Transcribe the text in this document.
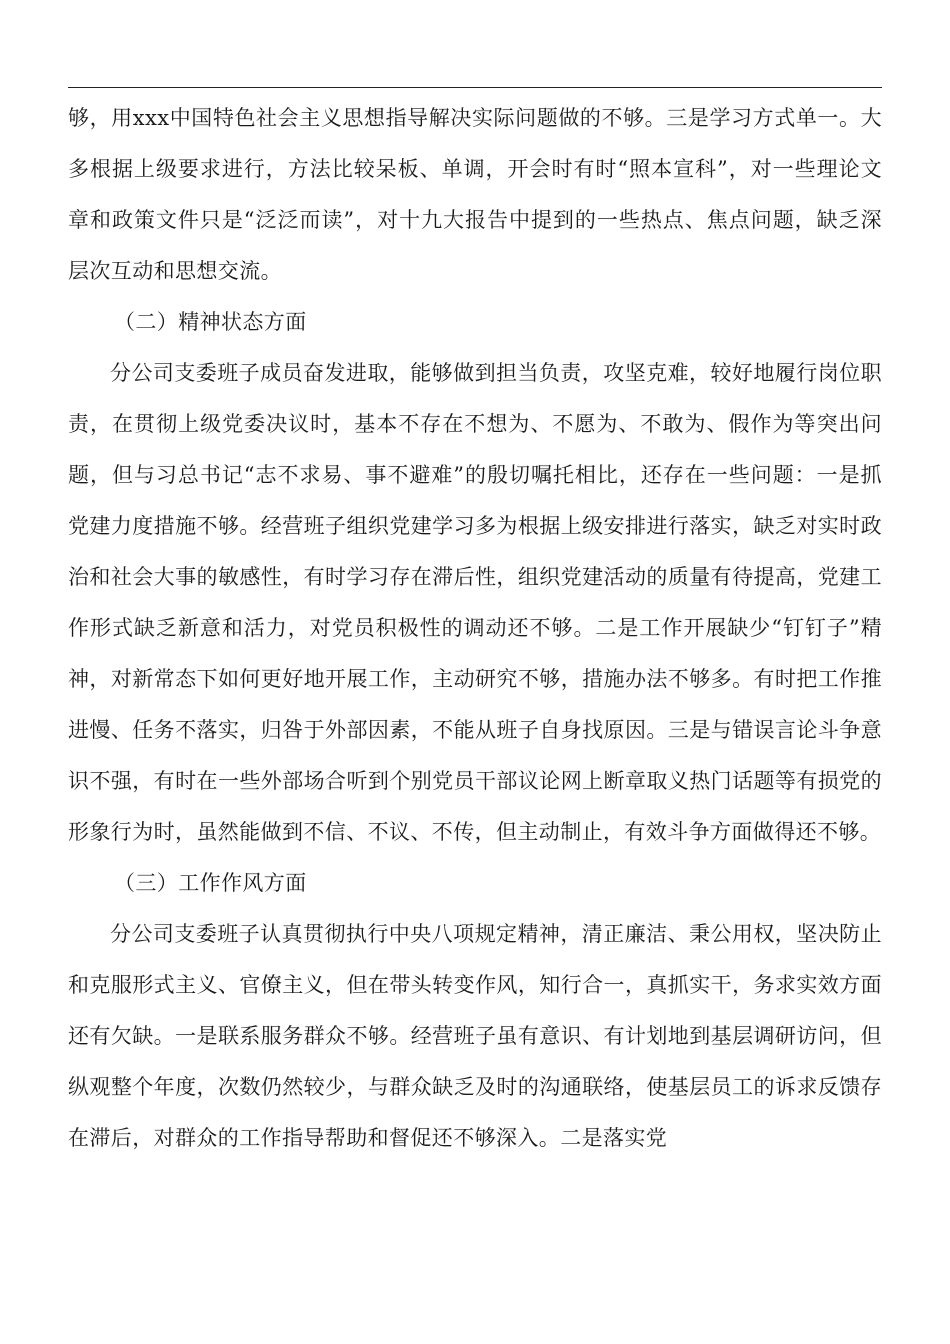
够，用xxx中国特色社会主义思想指导解决实际问题做的不够。三是学习方式单一。大多根据上级要求进行，方法比较呆板、单调，开会时有时“照本宣科”，对一些理论文章和政策文件只是“泛泛而读”，对十九大报告中提到的一些热点、焦点问题，缺乏深层次互动和思想交流。

（二）精神状态方面

分公司支委班子成员奋发进取，能够做到担当负责，攻坚克难，较好地履行岗位职责，在贯彻上级党委决议时，基本不存在不想为、不愿为、不敢为、假作为等突出问题，但与习总书记“志不求易、事不避难”的殷切嘱托相比，还存在一些问题：一是抓党建力度措施不够。经营班子组织党建学习多为根据上级安排进行落实，缺乏对实时政治和社会大事的敏感性，有时学习存在滞后性，组织党建活动的质量有待提高，党建工作形式缺乏新意和活力，对党员积极性的调动还不够。二是工作开展缺少“钉钉子”精神，对新常态下如何更好地开展工作，主动研究不够，措施办法不够多。有时把工作推进慢、任务不落实，归咎于外部因素，不能从班子自身找原因。三是与错误言论斗争意识不强，有时在一些外部场合听到个别党员干部议论网上断章取义热门话题等有损党的形象行为时，虽然能做到不信、不议、不传，但主动制止，有效斗争方面做得还不够。

（三）工作作风方面

分公司支委班子认真贯彻执行中央八项规定精神，清正廉洁、秉公用权，坚决防止和克服形式主义、官僚主义，但在带头转变作风，知行合一，真抓实干，务求实效方面还有欠缺。一是联系服务群众不够。经营班子虽有意识、有计划地到基层调研访问，但纵观整个年度，次数仍然较少，与群众缺乏及时的沟通联络，使基层员工的诉求反馈存在滞后，对群众的工作指导帮助和督促还不够深入。二是落实党
